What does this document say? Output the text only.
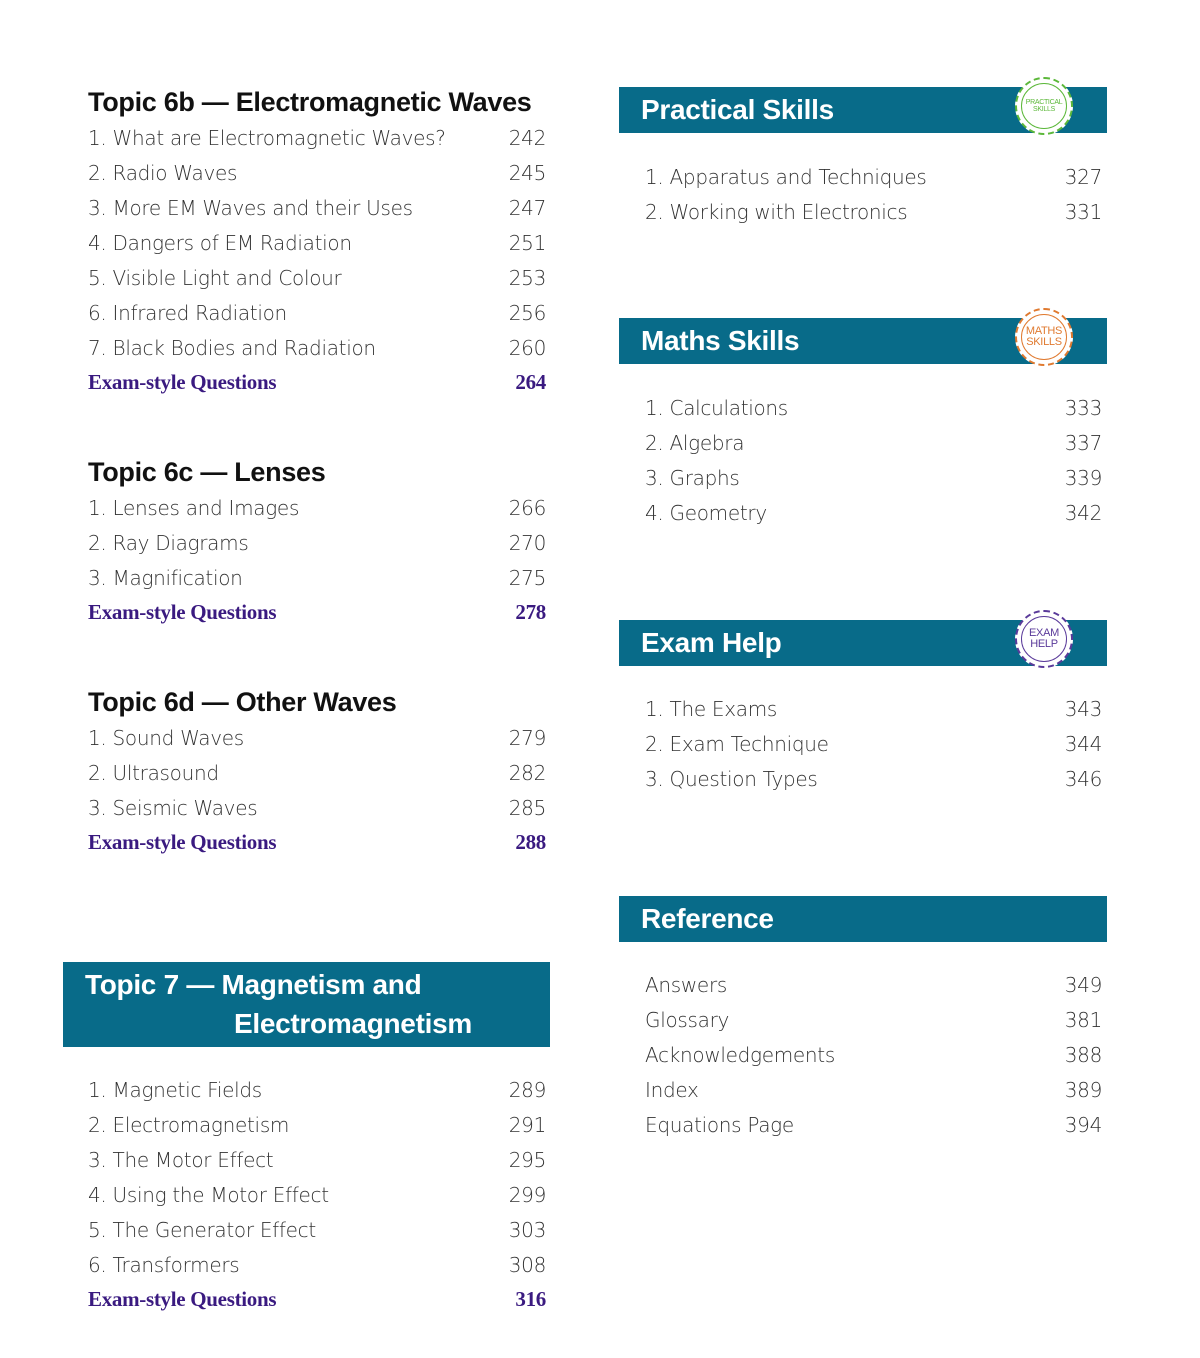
Topic 6b — Electromagnetic Waves
1. What are Electromagnetic Waves?	242
2. Radio Waves	245
3. More EM Waves and their Uses	247
4. Dangers of EM Radiation	251
5. Visible Light and Colour	253
6. Infrared Radiation	256
7. Black Bodies and Radiation	260
Exam-style Questions	264
Topic 6c — Lenses
1. Lenses and Images	266
2. Ray Diagrams	270
3. Magnification	275
Exam-style Questions	278
Topic 6d — Other Waves
1. Sound Waves	279
2. Ultrasound	282
3. Seismic Waves	285
Exam-style Questions	288
Topic 7 — Magnetism and
Electromagnetism
1. Magnetic Fields	289
2. Electromagnetism	291
3. The Motor Effect	295
4. Using the Motor Effect	299
5. The Generator Effect	303
6. Transformers	308
Exam-style Questions	316
Practical Skills	PRACTICAL
SKILLS
1. Apparatus and Techniques	327
2. Working with Electronics	331
Maths Skills	MATHS
SKILLS
1. Calculations	333
2. Algebra	337
3. Graphs	339
4. Geometry	342
Exam Help	EXAM
HELP
1. The Exams	343
2. Exam Technique	344
3. Question Types	346
Reference
Answers	349
Glossary	381
Acknowledgements	388
Index	389
Equations Page	394
